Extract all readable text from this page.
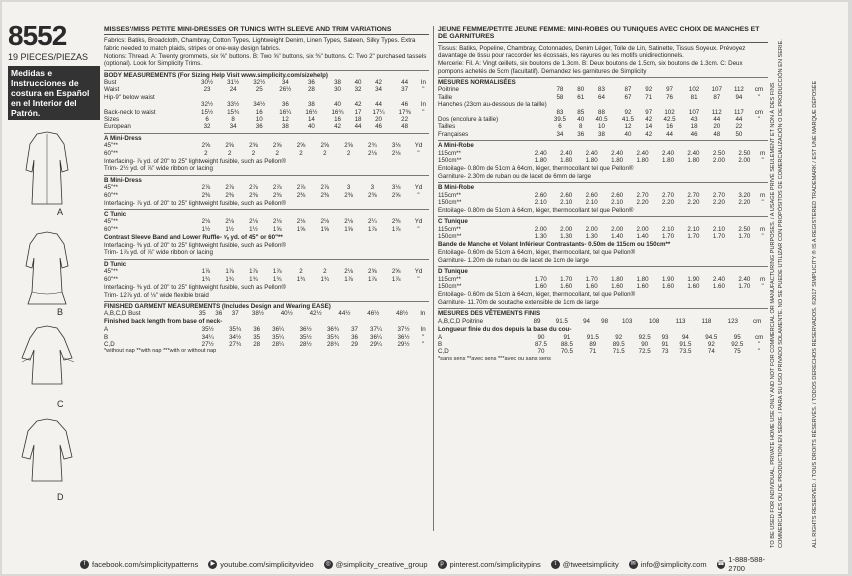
8552
19 PIECES/PIEZAS
Medidas e Instrucciones de costura en Español en el Interior del Patrón.
A
B
C
D
MISSES'/MISS PETITE MINI-DRESSES OR TUNICS WITH SLEEVE AND TRIM VARIATIONS
Fabrics: Batiks, Broadcloth, Chambray, Cotton Types, Lightweight Denim, Linen Types, Sateen, Silky Types. Extra fabric needed to match plaids, stripes or one-way design fabrics.
Notions: Thread. A: Twenty grommets, six ⅝" buttons. B: Two ⅝" buttons, six ⅜" buttons. C: Two 2" purchased tassels (optional). Look for Simplicity Trims.
BODY MEASUREMENTS (For Sizing Help Visit www.simplicity.com/sizehelp)
Bust	30½	31½	32½	34	36	38	40	42	44	In
Waist	23	24	25	26½	28	30	32	34	37	"
Hip-9" below waist										
	32½	33½	34½	36	38	40	42	44	46	In
Back-neck to waist	15½	15¾	16	16¼	16½	16¾	17	17¼	17⅜	"
Sizes	6	8	10	12	14	16	18	20	22	
European	32	34	36	38	40	42	44	46	48	
A Mini-Dress
45"**	2⅝	2⅝	2⅝	2⅝	2⅝	2⅝	2⅝	2¾	3⅛	Yd
60"**	2	2	2	2	2	2	2	2⅛	2⅛	"
Interfacing- ⅞ yd. of 20" to 25" lightweight fusible, such as Pellon®
Trim- 2½ yd. of ⅞" wide ribbon or lacing
B Mini-Dress
45"**	2⅞	2⅞	2⅞	2⅞	2⅞	2⅞	3	3	3⅛	Yd
60"**	2⅜	2⅜	2⅜	2⅜	2⅜	2⅜	2⅜	2⅜	2⅝	"
Interfacing- ⅞ yd. of 20" to 25" lightweight fusible, such as Pellon®
C Tunic
45"**	2⅛	2⅛	2⅛	2⅛	2⅛	2⅛	2⅛	2¼	2⅜	Yd
60"**	1½	1½	1½	1⅝	1⅝	1⅝	1⅝	1⅞	1⅞	"
Contrast Sleeve Band and Lower Ruffle- ⅝ yd. of 45" or 60"**
Interfacing- ⅜ yd. of 20" to 25" lightweight fusible, such as Pellon®
Trim- 1⅞ yd. of ⅞" wide ribbon or lacing
D Tunic
45"**	1⅞	1⅞	1⅞	1⅞	2	2	2⅛	2⅝	2⅝	Yd
60"**	1¾	1¾	1¾	1¾	1¾	1¾	1⅞	1⅞	1⅞	"
Interfacing- ⅜ yd. of 20" to 25" lightweight fusible, such as Pellon®
Trim- 12⅞ yd. of ⅛" wide flexible braid
FINISHED GARMENT MEASUREMENTS (Includes Design and Wearing EASE)
A,B,C,D Bust	35	36	37	38½	40½	42½	44½	46½	48½	In
Finished back length from base of neck-
A	35½	35¾	36	36¼	36½	36¾	37	37¼	37½	In
B	34¼	34½	35	35¼	35½	35¾	36	36¼	36½	"
C,D	27½	27¾	28	28¼	28½	28¾	29	29¼	29½	"
*without nap **with nap ***with or without nap
JEUNE FEMME/PETITE JEUNE FEMME: MINI-ROBES OU TUNIQUES AVEC CHOIX DE MANCHES ET DE GARNITURES
Tissus: Batiks, Popeline, Chambray, Cotonnades, Denim Léger, Toile de Lin, Satinette, Tissus Soyeux. Prévoyez davantage de tissu pour raccorder les écossais, les rayures ou les motifs unidirectionnels.
Mercerie: Fil. A: Vingt œillets, six boutons de 1.3cm. B: Deux boutons de 1.5cm, six boutons de 1.3cm. C: Deux pompons achetés de 5cm (facultatif). Demandez les garnitures de Simplicity
MESURES NORMALISÉES
Poitrine	78	80	83	87	92	97	102	107	112	cm
Taille	58	61	64	67	71	76	81	87	94	"
Hanches (23cm au-dessous de la taille)										
	83	85	88	92	97	102	107	112	117	cm
Dos (encolure à taille)	39.5	40	40.5	41.5	42	42.5	43	44	44	"
Tailles	6	8	10	12	14	16	18	20	22	
Françaises	34	36	38	40	42	44	46	48	50	
A Mini-Robe
115cm**	2.40	2.40	2.40	2.40	2.40	2.40	2.40	2.50	2.50	m
150cm**	1.80	1.80	1.80	1.80	1.80	1.80	1.80	2.00	2.00	"
Entoilage- 0.80m de 51cm à 64cm, léger, thermocollant tel que Pellon®
Garniture- 2.30m de ruban ou de lacet de 6mm de large
B Mini-Robe
115cm**	2.60	2.60	2.60	2.60	2.70	2.70	2.70	2.70	3.20	m
150cm**	2.10	2.10	2.10	2.10	2.20	2.20	2.20	2.20	2.20	"
Entoilage- 0.80m de 51cm à 64cm, léger, thermocollant tel que Pellon®
C Tunique
115cm**	2.00	2.00	2.00	2.00	2.00	2.10	2.10	2.10	2.50	m
150cm**	1.30	1.30	1.30	1.40	1.40	1.70	1.70	1.70	1.70	"
Bande de Manche et Volant Inférieur Contrastants- 0.50m de 115cm ou 150cm**
Entoilage- 0.60m de 51cm à 64cm, léger, thermocollant, tel que Pellon®
Garniture- 1.20m de ruban ou de lacet de 1cm de large
D Tunique
115cm**	1.70	1.70	1.70	1.80	1.80	1.90	1.90	2.40	2.40	m
150cm**	1.60	1.60	1.60	1.60	1.60	1.60	1.60	1.60	1.70	"
Entoilage- 0.60m de 51cm à 64cm, léger, thermocollant, tel que Pellon®
Garniture- 11.70m de soutache extensible de 1cm de large
MESURES DES VÊTEMENTS FINIS
A,B,C,D Poitrine	89	91.5	94	98	103	108	113	118	123	cm
Longueur finie du dos depuis la base du cou-
A	90	91	91.5	92	92.5	93	94	94.5	95	cm
B	87.5	88.5	89	89.5	90	91	91.5	92	92.5	"
C,D	70	70.5	71	71.5	72.5	73	73.5	74	75	"
*sans sens **avec sens ***avec ou sans sens	TO BE USED FOR INDIVIDUAL, PRIVATE HOME USE ONLY AND NOT FOR COMMERCIAL OR MANUFACTURING PURPOSES. / A USAGE PRIVÉ SEULEMENT ET NON À DES FINS COMMERCIALES OU DE PRODUCTION EN SÉRIE. / PARA SU USO PRIVADO SOLAMENTE. NO SE PUEDE UTILIZAR CON PROPÓSITOS DE COMERCIALIZACIÓN O DE PRODUCCIÓN EN SERIE.	ALL RIGHTS RESERVED. / TOUS DROITS RÉSERVÉS. / TODOS DERECHOS RESERVADOS. ©2017 SIMPLICITY ® IS A REGISTERED TRADEMARK / EST UNE MARQUE DÉPOSÉE
f facebook.com/simplicitypatterns	▶ youtube.com/simplicityvideo	◎ @simplicity_creative_group	p pinterest.com/simplicitypins	t @tweetsimplicity	✉ info@simplicity.com ☎ 1-888-588-2700
